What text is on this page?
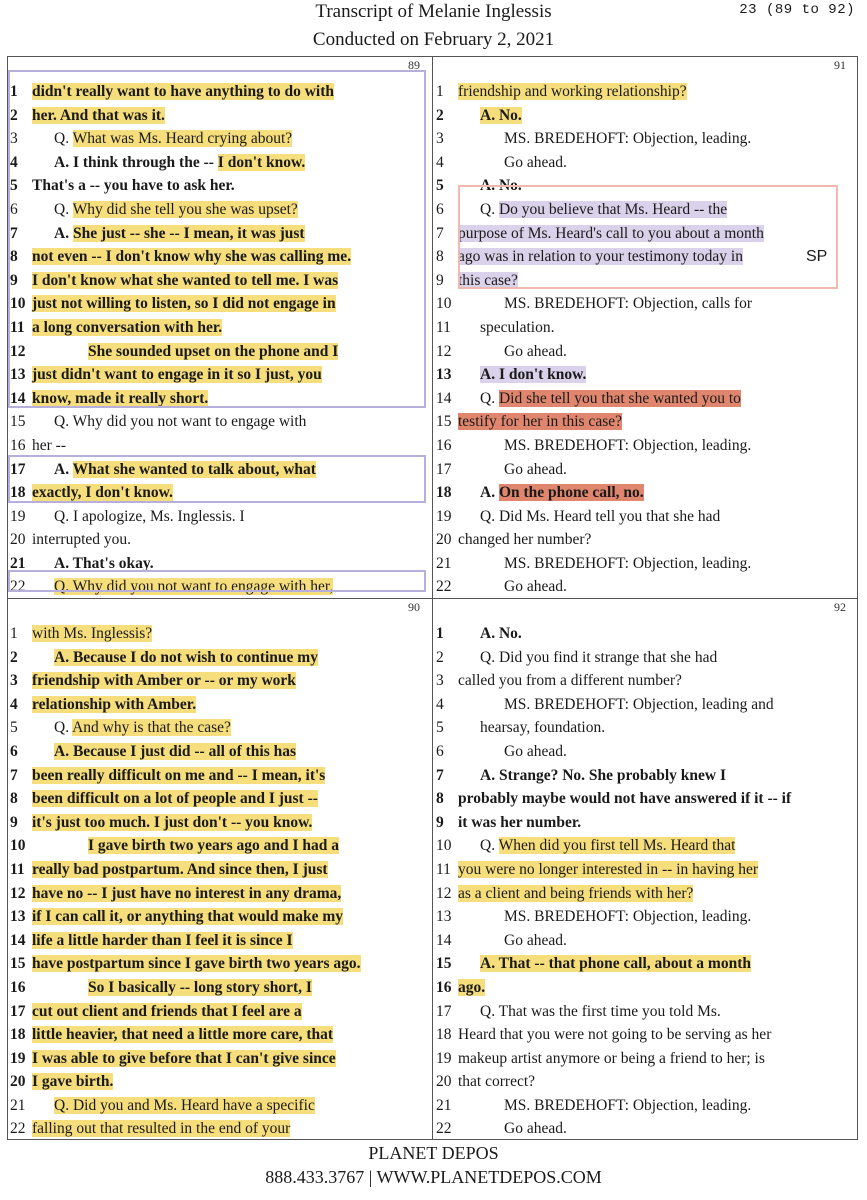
Transcript of Melanie Inglessis
Conducted on February 2, 2021
23 (89 to 92)
89
1 didn't really want to have anything to do with
2 her. And that was it.
3 Q. What was Ms. Heard crying about?
4 A. I think through the -- I don't know.
5 That's a -- you have to ask her.
6 Q. Why did she tell you she was upset?
7 A. She just -- she -- I mean, it was just
8 not even -- I don't know why she was calling me.
9 I don't know what she wanted to tell me. I was
10 just not willing to listen, so I did not engage in
11 a long conversation with her.
12	She sounded upset on the phone and I
13 just didn't want to engage in it so I just, you
14 know, made it really short.
15 Q. Why did you not want to engage with
16 her --
17 A. What she wanted to talk about, what
18 exactly, I don't know.
19 Q. I apologize, Ms. Inglessis. I
20 interrupted you.
21 A. That's okay.
22 Q. Why did you not want to engage with her,
91
1 friendship and working relationship?
2 A. No.
3	MS. BREDEHOFT: Objection, leading.
4	Go ahead.
5 A. No.
6 Q. Do you believe that Ms. Heard -- the
7 purpose of Ms. Heard's call to you about a month
8 ago was in relation to your testimony today in
9 this case?
10	MS. BREDEHOFT: Objection, calls for
11 speculation.
12	Go ahead.
13 A. I don't know.
14 Q. Did she tell you that she wanted you to
15 testify for her in this case?
16	MS. BREDEHOFT: Objection, leading.
17	Go ahead.
18 A. On the phone call, no.
19 Q. Did Ms. Heard tell you that she had
20 changed her number?
21	MS. BREDEHOFT: Objection, leading.
22	Go ahead.
90
1 with Ms. Inglessis?
2 A. Because I do not wish to continue my
3 friendship with Amber or -- or my work
4 relationship with Amber.
5 Q. And why is that the case?
6 A. Because I just did -- all of this has
7 been really difficult on me and -- I mean, it's
8 been difficult on a lot of people and I just --
9 it's just too much. I just don't -- you know.
10	I gave birth two years ago and I had a
11 really bad postpartum. And since then, I just
12 have no -- I just have no interest in any drama,
13 if I can call it, or anything that would make my
14 life a little harder than I feel it is since I
15 have postpartum since I gave birth two years ago.
16	So I basically -- long story short, I
17 cut out client and friends that I feel are a
18 little heavier, that need a little more care, that
19 I was able to give before that I can't give since
20 I gave birth.
21 Q. Did you and Ms. Heard have a specific
22 falling out that resulted in the end of your
92
1 A. No.
2 Q. Did you find it strange that she had
3 called you from a different number?
4	MS. BREDEHOFT: Objection, leading and
5 hearsay, foundation.
6	Go ahead.
7 A. Strange? No. She probably knew I
8 probably maybe would not have answered if it -- if
9 it was her number.
10 Q. When did you first tell Ms. Heard that
11 you were no longer interested in -- in having her
12 as a client and being friends with her?
13	MS. BREDEHOFT: Objection, leading.
14	Go ahead.
15 A. That -- that phone call, about a month
16 ago.
17 Q. That was the first time you told Ms.
18 Heard that you were not going to be serving as her
19 makeup artist anymore or being a friend to her; is
20 that correct?
21	MS. BREDEHOFT: Objection, leading.
22	Go ahead.
SP
PLANET DEPOS
888.433.3767 | WWW.PLANETDEPOS.COM
